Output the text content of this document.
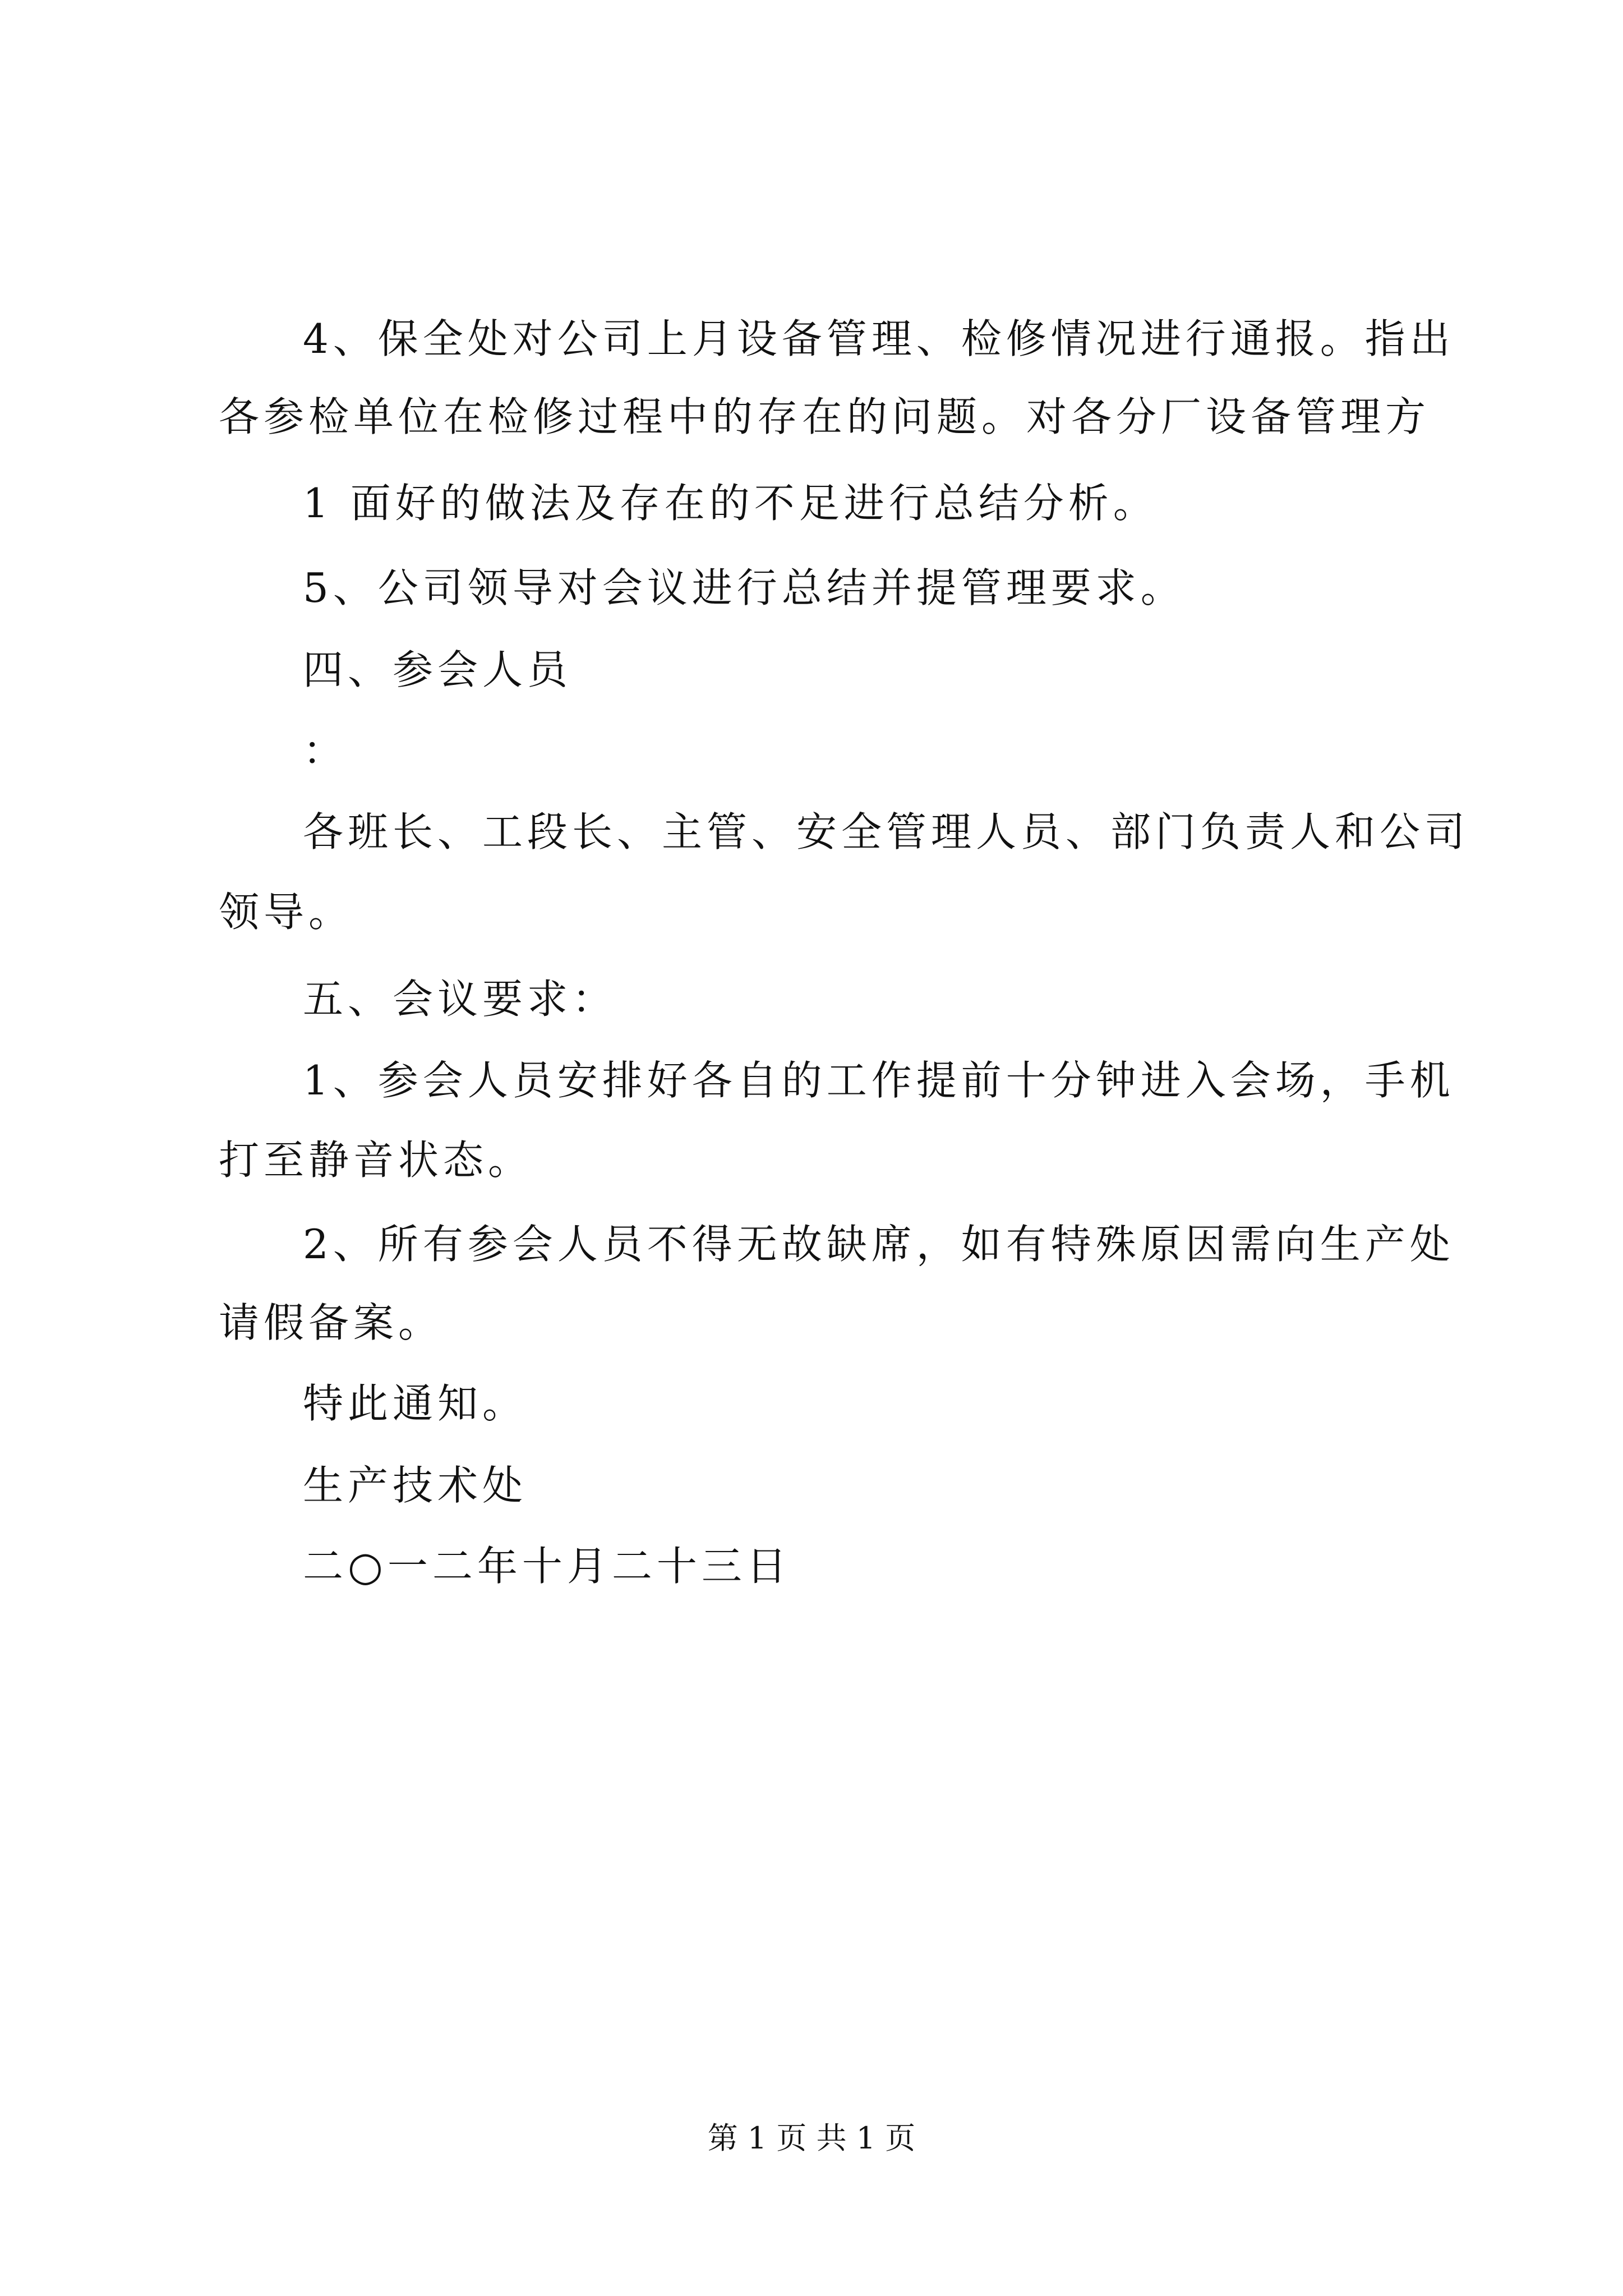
4、保全处对公司上月设备管理、检修情况进行通报。指出
各参检单位在检修过程中的存在的问题。对各分厂设备管理方
1 面好的做法及存在的不足进行总结分析。
5、公司领导对会议进行总结并提管理要求。
四、参会人员
：
各班长、工段长、主管、安全管理人员、部门负责人和公司
领导。
五、会议要求：
1、参会人员安排好各自的工作提前十分钟进入会场，手机
打至静音状态。
2、所有参会人员不得无故缺席，如有特殊原因需向生产处
请假备案。
特此通知。
生产技术处
二○一二年十月二十三日
第 1 页 共 1 页
